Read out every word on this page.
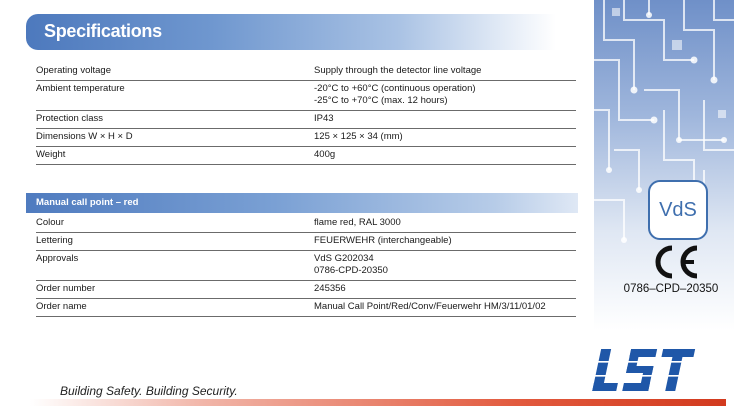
Specifications
Operating voltage	Supply through the detector line voltage
Ambient temperature	-20°C to +60°C (continuous operation)
-25°C to +70°C (max. 12 hours)
Protection class	IP43
Dimensions W × H × D	125 × 125 × 34 (mm)
Weight	400g
Manual call point – red
Colour	flame red, RAL 3000
Lettering	FEUERWEHR (interchangeable)
Approvals	VdS G202034
0786-CPD-20350
Order number	245356
Order name	Manual Call Point/Red/Conv/Feuerwehr HM/3/11/01/02
VdS
0786–CPD–20350
Building Safety. Building Security.
